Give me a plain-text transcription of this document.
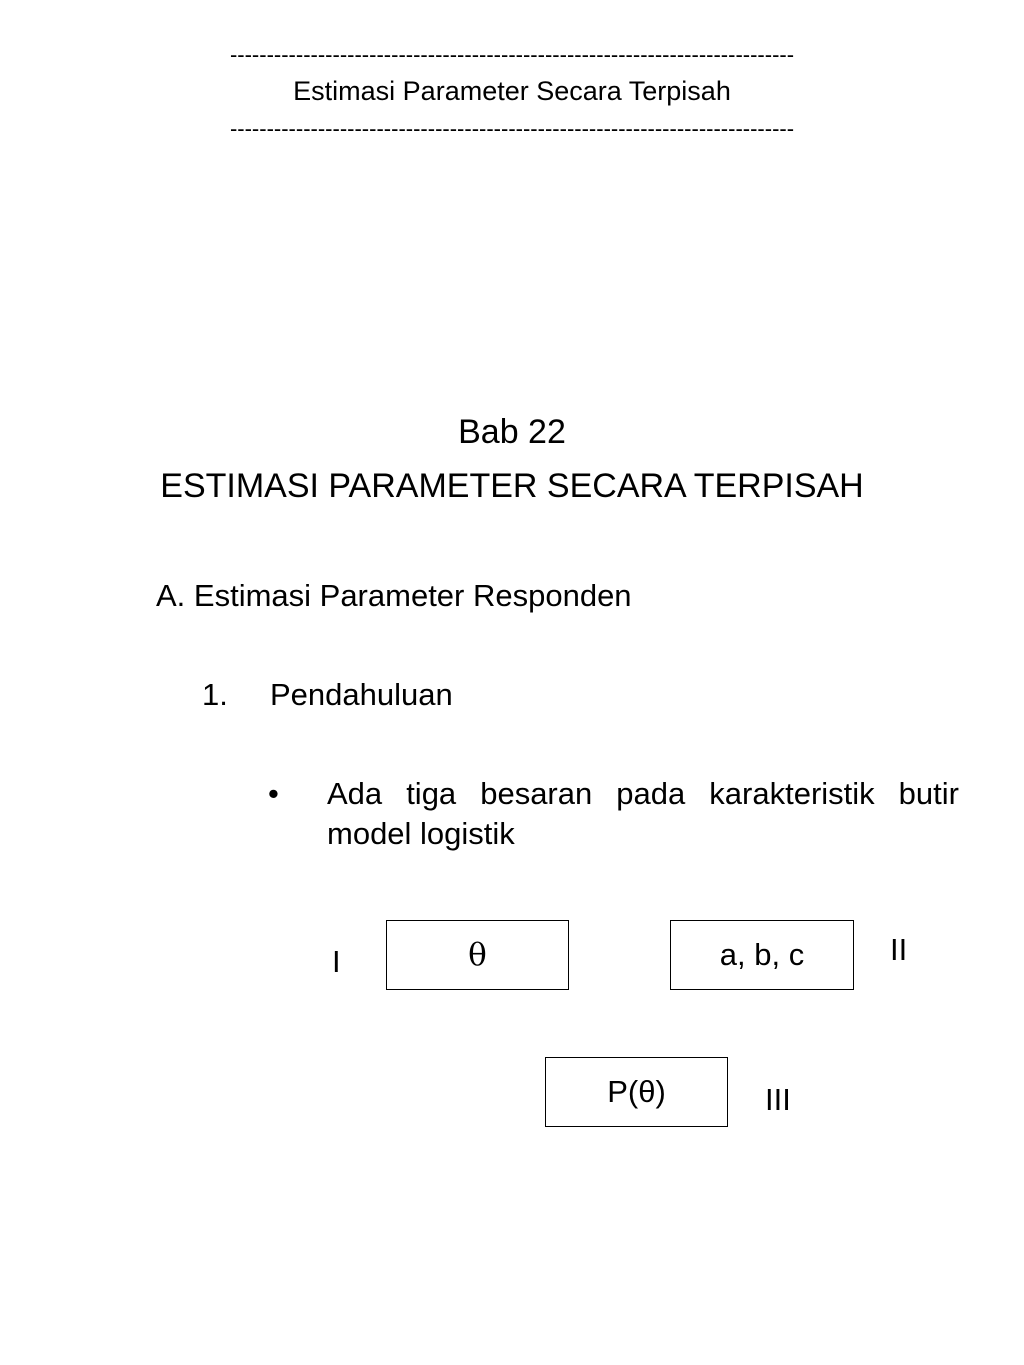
-----------------------------------------------------------------------------
Estimasi Parameter Secara Terpisah
-----------------------------------------------------------------------------
Bab 22
ESTIMASI PARAMETER SECARA TERPISAH
A. Estimasi Parameter Responden
1. Pendahuluan
• Ada tiga besaran pada karakteristik butir model logistik
I	θ	a, b, c	II
P(θ)	III
